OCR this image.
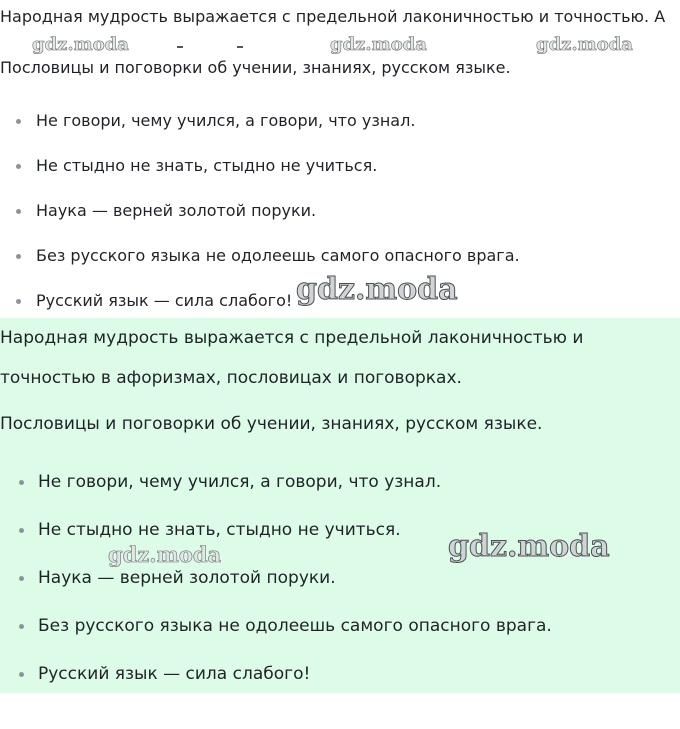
Народная мудрость выражается с предельной лаконичностью и точностью. А
Пословицы и поговорки об учении, знаниях, русском языке.
Не говори, чему учился, а говори, что узнал.
Не стыдно не знать, стыдно не учиться.
Наука — верней золотой поруки.
Без русского языка не одолеешь самого опасного врага.
Русский язык — сила слабого!
Народная мудрость выражается с предельной лаконичностью и
точностью в афоризмах, пословицах и поговорках.
Пословицы и поговорки об учении, знаниях, русском языке.
Не говори, чему учился, а говори, что узнал.
Не стыдно не знать, стыдно не учиться.
Наука — верней золотой поруки.
Без русского языка не одолеешь самого опасного врага.
Русский язык — сила слабого!
gdz.moda	gdz.moda	gdz.moda
gdz.moda
gdz.moda	gdz.moda
